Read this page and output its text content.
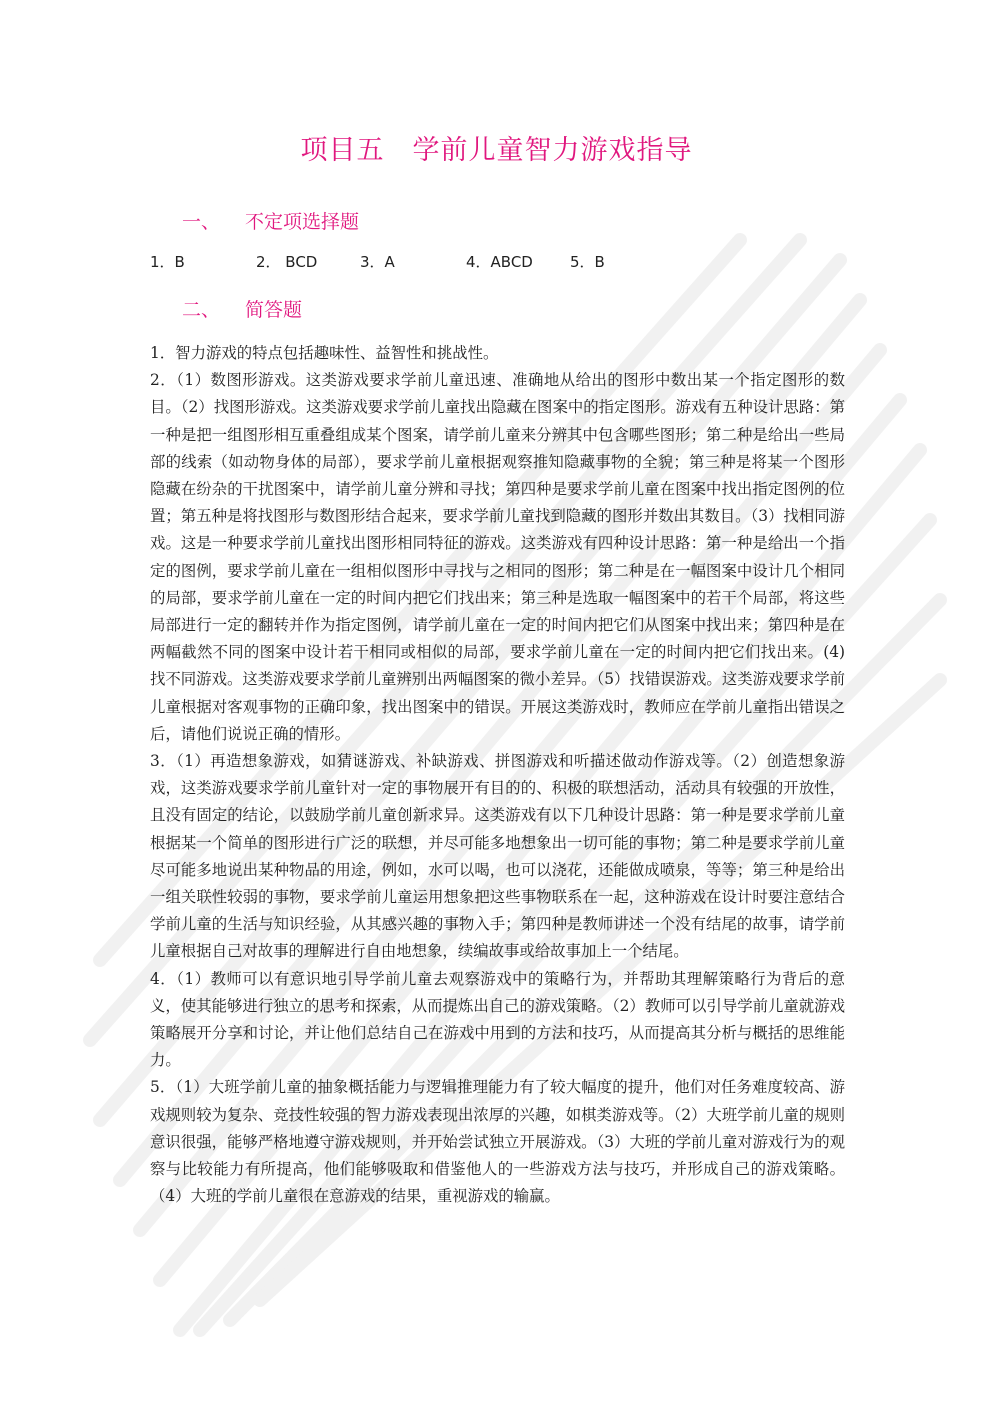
项目五　学前儿童智力游戏指导
一、 不定项选择题
1．B	2． BCD	3．A	4．ABCD 5．B
二、 简答题

1．智力游戏的特点包括趣味性、益智性和挑战性。

2．（1）数图形游戏。这类游戏要求学前儿童迅速、准确地从给出的图形中数出某一个指定图形的数目。（2）找图形游戏。这类游戏要求学前儿童找出隐藏在图案中的指定图形。游戏有五种设计思路：第一种是把一组图形相互重叠组成某个图案，请学前儿童来分辨其中包含哪些图形；第二种是给出一些局部的线索（如动物身体的局部），要求学前儿童根据观察推知隐藏事物的全貌；第三种是将某一个图形隐藏在纷杂的干扰图案中，请学前儿童分辨和寻找；第四种是要求学前儿童在图案中找出指定图例的位置；第五种是将找图形与数图形结合起来，要求学前儿童找到隐藏的图形并数出其数目。（3）找相同游戏。这是一种要求学前儿童找出图形相同特征的游戏。这类游戏有四种设计思路：第一种是给出一个指定的图例，要求学前儿童在一组相似图形中寻找与之相同的图形；第二种是在一幅图案中设计几个相同的局部，要求学前儿童在一定的时间内把它们找出来；第三种是选取一幅图案中的若干个局部，将这些局部进行一定的翻转并作为指定图例，请学前儿童在一定的时间内把它们从图案中找出来；第四种是在两幅截然不同的图案中设计若干相同或相似的局部，要求学前儿童在一定的时间内把它们找出来。(4)找不同游戏。这类游戏要求学前儿童辨别出两幅图案的微小差异。（5）找错误游戏。这类游戏要求学前儿童根据对客观事物的正确印象，找出图案中的错误。开展这类游戏时，教师应在学前儿童指出错误之后，请他们说说正确的情形。

3．（1）再造想象游戏，如猜谜游戏、补缺游戏、拼图游戏和听描述做动作游戏等。（2）创造想象游戏，这类游戏要求学前儿童针对一定的事物展开有目的的、积极的联想活动，活动具有较强的开放性，且没有固定的结论，以鼓励学前儿童创新求异。这类游戏有以下几种设计思路：第一种是要求学前儿童根据某一个简单的图形进行广泛的联想，并尽可能多地想象出一切可能的事物；第二种是要求学前儿童尽可能多地说出某种物品的用途，例如，水可以喝，也可以浇花，还能做成喷泉，等等；第三种是给出一组关联性较弱的事物，要求学前儿童运用想象把这些事物联系在一起，这种游戏在设计时要注意结合学前儿童的生活与知识经验，从其感兴趣的事物入手；第四种是教师讲述一个没有结尾的故事，请学前儿童根据自己对故事的理解进行自由地想象，续编故事或给故事加上一个结尾。

4．（1）教师可以有意识地引导学前儿童去观察游戏中的策略行为，并帮助其理解策略行为背后的意义，使其能够进行独立的思考和探索，从而提炼出自己的游戏策略。（2）教师可以引导学前儿童就游戏策略展开分享和讨论，并让他们总结自己在游戏中用到的方法和技巧，从而提高其分析与概括的思维能力。

5．（1）大班学前儿童的抽象概括能力与逻辑推理能力有了较大幅度的提升，他们对任务难度较高、游戏规则较为复杂、竞技性较强的智力游戏表现出浓厚的兴趣，如棋类游戏等。（2）大班学前儿童的规则意识很强，能够严格地遵守游戏规则，并开始尝试独立开展游戏。（3）大班的学前儿童对游戏行为的观察与比较能力有所提高，他们能够吸取和借鉴他人的一些游戏方法与技巧，并形成自己的游戏策略。（4）大班的学前儿童很在意游戏的结果，重视游戏的输赢。
